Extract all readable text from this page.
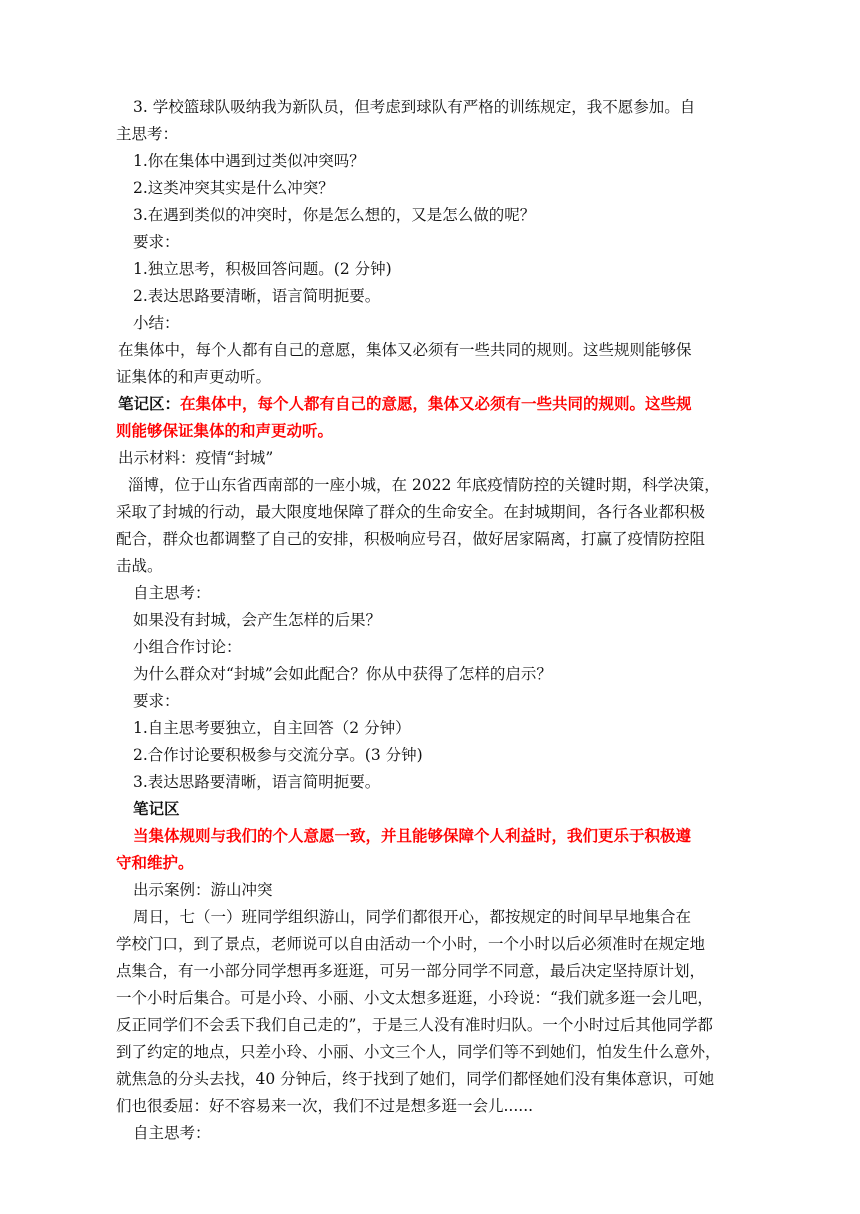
3. 学校篮球队吸纳我为新队员，但考虑到球队有严格的训练规定，我不愿参加。自
主思考：
1.你在集体中遇到过类似冲突吗？
2.这类冲突其实是什么冲突？
3.在遇到类似的冲突时，你是怎么想的，又是怎么做的呢？
要求：
1.独立思考，积极回答问题。(2 分钟)
2.表达思路要清晰，语言简明扼要。
小结：
在集体中，每个人都有自己的意愿，集体又必须有一些共同的规则。这些规则能够保
证集体的和声更动听。
笔记区：在集体中，每个人都有自己的意愿，集体又必须有一些共同的规则。这些规
则能够保证集体的和声更动听。
出示材料：疫情“封城”
淄博，位于山东省西南部的一座小城，在 2022 年底疫情防控的关键时期，科学决策，
采取了封城的行动，最大限度地保障了群众的生命安全。在封城期间，各行各业都积极
配合，群众也都调整了自己的安排，积极响应号召，做好居家隔离，打赢了疫情防控阻
击战。
自主思考：
如果没有封城，会产生怎样的后果？
小组合作讨论：
为什么群众对“封城”会如此配合？你从中获得了怎样的启示？
要求：
1.自主思考要独立，自主回答（2 分钟）
2.合作讨论要积极参与交流分享。(3 分钟)
3.表达思路要清晰，语言简明扼要。
笔记区
当集体规则与我们的个人意愿一致，并且能够保障个人利益时，我们更乐于积极遵
守和维护。
出示案例：游山冲突
周日，七（一）班同学组织游山，同学们都很开心，都按规定的时间早早地集合在
学校门口，到了景点，老师说可以自由活动一个小时，一个小时以后必须准时在规定地
点集合，有一小部分同学想再多逛逛，可另一部分同学不同意，最后决定坚持原计划，
一个小时后集合。可是小玲、小丽、小文太想多逛逛，小玲说：“我们就多逛一会儿吧，
反正同学们不会丢下我们自己走的”，于是三人没有准时归队。一个小时过后其他同学都
到了约定的地点，只差小玲、小丽、小文三个人，同学们等不到她们，怕发生什么意外，
就焦急的分头去找，40 分钟后，终于找到了她们，同学们都怪她们没有集体意识，可她
们也很委屈：好不容易来一次，我们不过是想多逛一会儿......
自主思考：
